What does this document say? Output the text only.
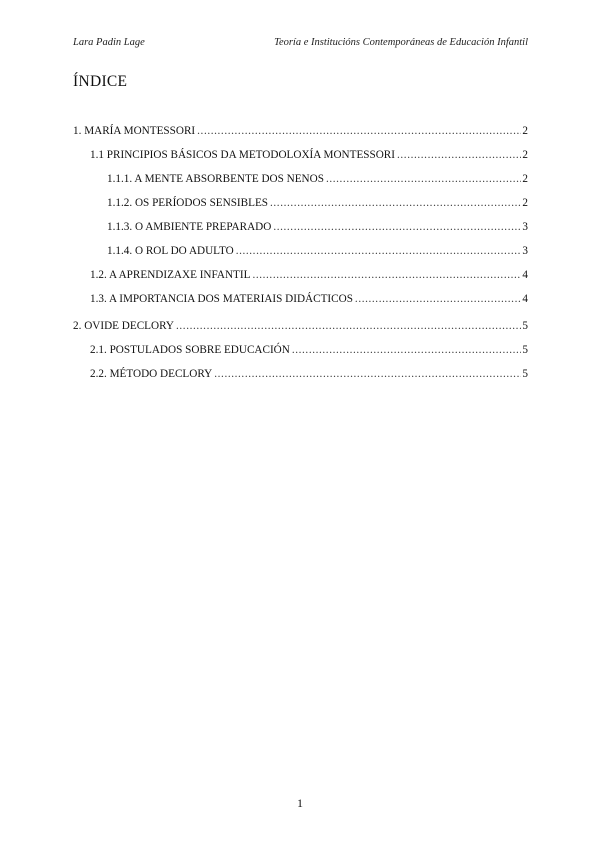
Lara Padin Lage	Teoría e Institucións Contemporáneas de Educación Infantil
ÍNDICE
1. MARÍA MONTESSORI .....	2
1.1 PRINCIPIOS BÁSICOS DA METODOLOXÍA MONTESSORI .....	2
1.1.1. A MENTE ABSORBENTE DOS NENOS .....	2
1.1.2. OS PERÍODOS SENSIBLES .....	2
1.1.3. O AMBIENTE PREPARADO .....	3
1.1.4. O ROL DO ADULTO .....	3
1.2. A APRENDIZAXE INFANTIL .....	4
1.3. A IMPORTANCIA DOS MATERIAIS DIDÁCTICOS .....	4
2. OVIDE DECLORY .....	5
2.1. POSTULADOS SOBRE EDUCACIÓN .....	5
2.2. MÉTODO DECLORY .....	5
1
